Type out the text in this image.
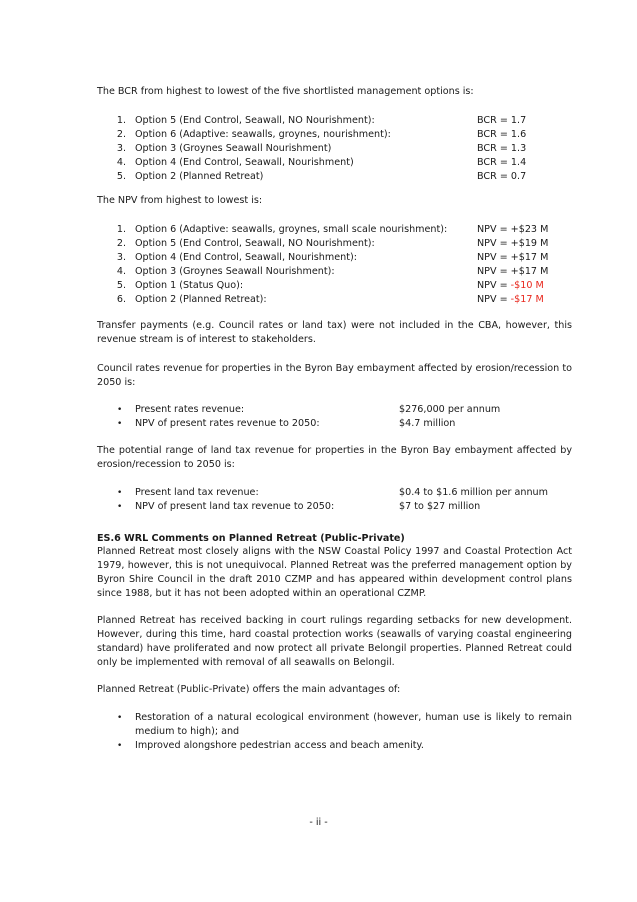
The BCR from highest to lowest of the five shortlisted management options is:

1. Option 5 (End Control, Seawall, NO Nourishment):	BCR = 1.7
2. Option 6 (Adaptive: seawalls, groynes, nourishment):	BCR = 1.6
3. Option 3 (Groynes Seawall Nourishment)	BCR = 1.3
4. Option 4 (End Control, Seawall, Nourishment)	BCR = 1.4
5. Option 2 (Planned Retreat)	BCR = 0.7

The NPV from highest to lowest is:

1. Option 6 (Adaptive: seawalls, groynes, small scale nourishment):	NPV = +$23 M
2. Option 5 (End Control, Seawall, NO Nourishment):	NPV = +$19 M
3. Option 4 (End Control, Seawall, Nourishment):	NPV = +$17 M
4. Option 3 (Groynes Seawall Nourishment):	NPV = +$17 M
5. Option 1 (Status Quo):	NPV = -$10 M
6. Option 2 (Planned Retreat):	NPV = -$17 M

Transfer payments (e.g. Council rates or land tax) were not included in the CBA, however, this revenue stream is of interest to stakeholders.

Council rates revenue for properties in the Byron Bay embayment affected by erosion/recession to 2050 is:

• Present rates revenue:	$276,000 per annum
• NPV of present rates revenue to 2050:	$4.7 million

The potential range of land tax revenue for properties in the Byron Bay embayment affected by erosion/recession to 2050 is:

• Present land tax revenue:	$0.4 to $1.6 million per annum
• NPV of present land tax revenue to 2050:	$7 to $27 million
ES.6 WRL Comments on Planned Retreat (Public-Private)

Planned Retreat most closely aligns with the NSW Coastal Policy 1997 and Coastal Protection Act 1979, however, this is not unequivocal. Planned Retreat was the preferred management option by Byron Shire Council in the draft 2010 CZMP and has appeared within development control plans since 1988, but it has not been adopted within an operational CZMP.

Planned Retreat has received backing in court rulings regarding setbacks for new development. However, during this time, hard coastal protection works (seawalls of varying coastal engineering standard) have proliferated and now protect all private Belongil properties. Planned Retreat could only be implemented with removal of all seawalls on Belongil.

Planned Retreat (Public-Private) offers the main advantages of:

• Restoration of a natural ecological environment (however, human use is likely to remain medium to high); and
• Improved alongshore pedestrian access and beach amenity.
- ii -
